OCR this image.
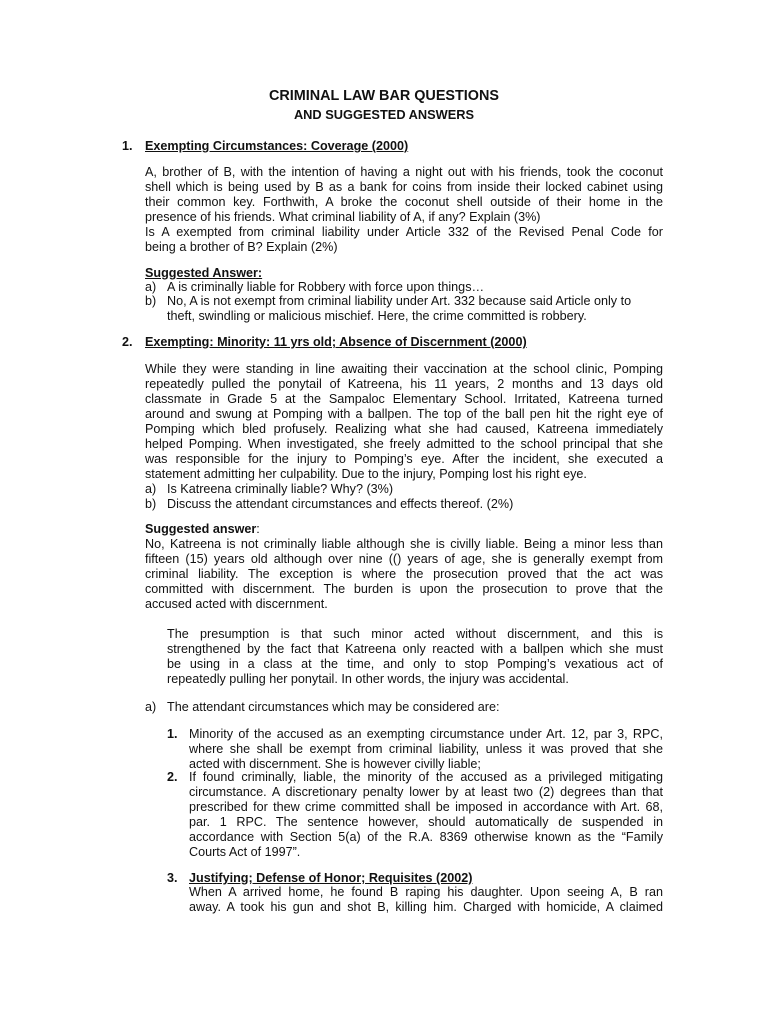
CRIMINAL LAW BAR QUESTIONS
AND SUGGESTED ANSWERS
1. Exempting Circumstances: Coverage (2000)

A, brother of B, with the intention of having a night out with his friends, took the coconut

shell which is being used by B as a bank for coins from inside their locked cabinet using

their common key. Forthwith, A broke the coconut shell outside of their home in the

presence of his friends. What criminal liability of A, if any? Explain (3%)

Is A exempted from criminal liability under Article 332 of the Revised Penal Code for

being a brother of B? Explain (2%)

Suggested Answer:
a) A is criminally liable for Robbery with force upon things…
b) No, A is not exempt from criminal liability under Art. 332 because said Article only to
theft, swindling or malicious mischief. Here, the crime committed is robbery.
2. Exempting: Minority: 11 yrs old; Absence of Discernment (2000)

While they were standing in line awaiting their vaccination at the school clinic, Pomping

repeatedly pulled the ponytail of Katreena, his 11 years, 2 months and 13 days old

classmate in Grade 5 at the Sampaloc Elementary School. Irritated, Katreena turned

around and swung at Pomping with a ballpen. The top of the ball pen hit the right eye of

Pomping which bled profusely. Realizing what she had caused, Katreena immediately

helped Pomping. When investigated, she freely admitted to the school principal that she

was responsible for the injury to Pomping’s eye. After the incident, she executed a

statement admitting her culpability. Due to the injury, Pomping lost his right eye.

a) Is Katreena criminally liable? Why? (3%)
b) Discuss the attendant circumstances and effects thereof. (2%)
Suggested answer:

No, Katreena is not criminally liable although she is civilly liable. Being a minor less than

fifteen (15) years old although over nine (() years of age, she is generally exempt from

criminal liability. The exception is where the prosecution proved that the act was

committed with discernment. The burden is upon the prosecution to prove that the

accused acted with discernment.

The presumption is that such minor acted without discernment, and this is

strengthened by the fact that Katreena only reacted with a ballpen which she must

be using in a class at the time, and only to stop Pomping’s vexatious act of

repeatedly pulling her ponytail. In other words, the injury was accidental.

a) The attendant circumstances which may be considered are:
1. Minority of the accused as an exempting circumstance under Art. 12, par 3, RPC,

where she shall be exempt from criminal liability, unless it was proved that she

acted with discernment. She is however civilly liable;

2. If found criminally, liable, the minority of the accused as a privileged mitigating

circumstance. A discretionary penalty lower by at least two (2) degrees than that

prescribed for thew crime committed shall be imposed in accordance with Art. 68,

par. 1 RPC. The sentence however, should automatically de suspended in

accordance with Section 5(a) of the R.A. 8369 otherwise known as the “Family

Courts Act of 1997”.

3. Justifying; Defense of Honor; Requisites (2002)

When A arrived home, he found B raping his daughter. Upon seeing A, B ran

away. A took his gun and shot B, killing him. Charged with homicide, A claimed
